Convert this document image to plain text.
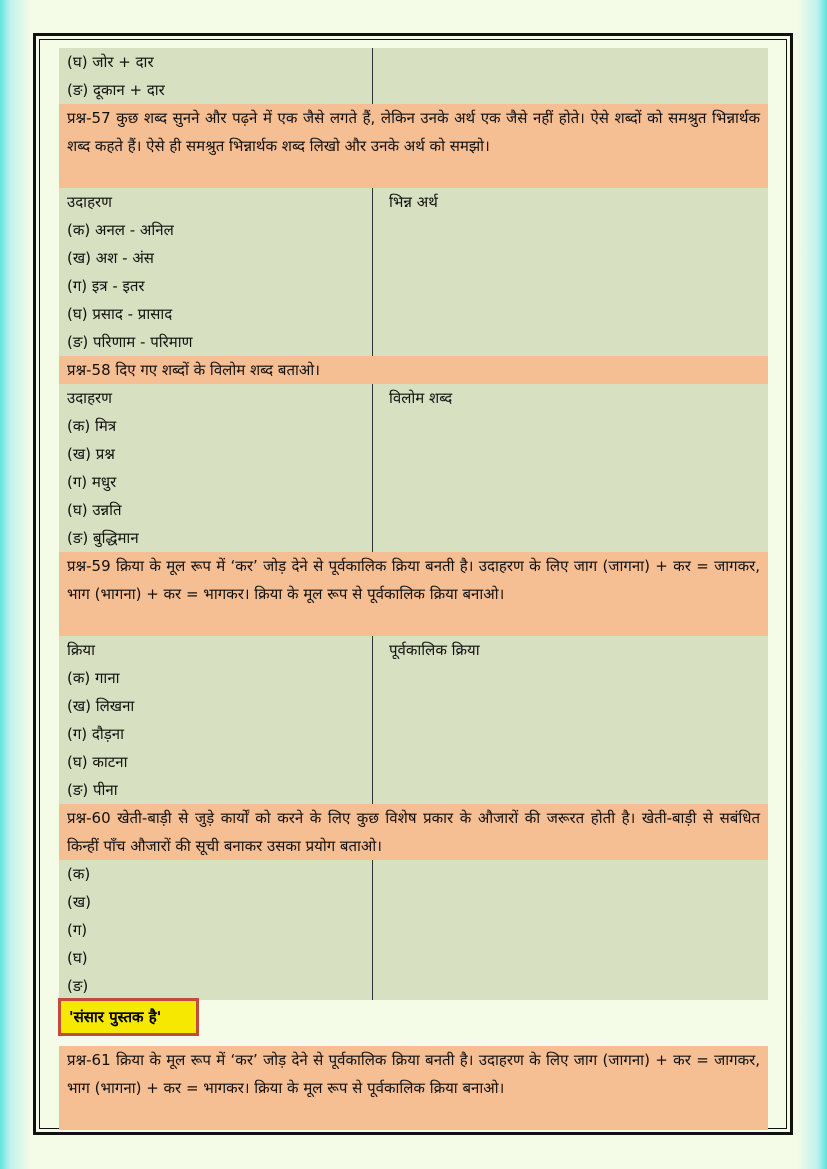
(घ) जोर + दार
(ङ) दूकान + दार
प्रश्न-57 कुछ शब्द सुनने और पढ़ने में एक जैसे लगते हैं, लेकिन उनके अर्थ एक जैसे नहीं होते। ऐसे शब्दों को समश्रुत भिन्नार्थक शब्द कहते हैं। ऐसे ही समश्रुत भिन्नार्थक शब्द लिखो और उनके अर्थ को समझो।
उदाहरण	भिन्न अर्थ
(क) अनल - अनिल
(ख) अश - अंस
(ग) इत्र - इतर
(घ) प्रसाद - प्रासाद
(ङ) परिणाम - परिमाण
प्रश्न-58 दिए गए शब्दों के विलोम शब्द बताओ।
उदाहरण	विलोम शब्द
(क) मित्र
(ख) प्रश्न
(ग) मधुर
(घ) उन्नति
(ङ) बुद्धिमान
प्रश्न-59 क्रिया के मूल रूप में ‘कर’ जोड़ देने से पूर्वकालिक क्रिया बनती है। उदाहरण के लिए जाग (जागना) + कर = जागकर, भाग (भागना) + कर = भागकर। क्रिया के मूल रूप से पूर्वकालिक क्रिया बनाओ।
क्रिया	पूर्वकालिक क्रिया
(क) गाना
(ख) लिखना
(ग) दौड़ना
(घ) काटना
(ङ) पीना
प्रश्न-60 खेती-बाड़ी से जुड़े कार्यों को करने के लिए कुछ विशेष प्रकार के औजारों की जरूरत होती है। खेती-बाड़ी से सबंधित किन्हीं पाँच औजारों की सूची बनाकर उसका प्रयोग बताओ।
(क)
(ख)
(ग)
(घ)
(ङ)
'संसार पुस्तक है'
प्रश्न-61 क्रिया के मूल रूप में ‘कर’ जोड़ देने से पूर्वकालिक क्रिया बनती है। उदाहरण के लिए जाग (जागना) + कर = जागकर, भाग (भागना) + कर = भागकर। क्रिया के मूल रूप से पूर्वकालिक क्रिया बनाओ।
